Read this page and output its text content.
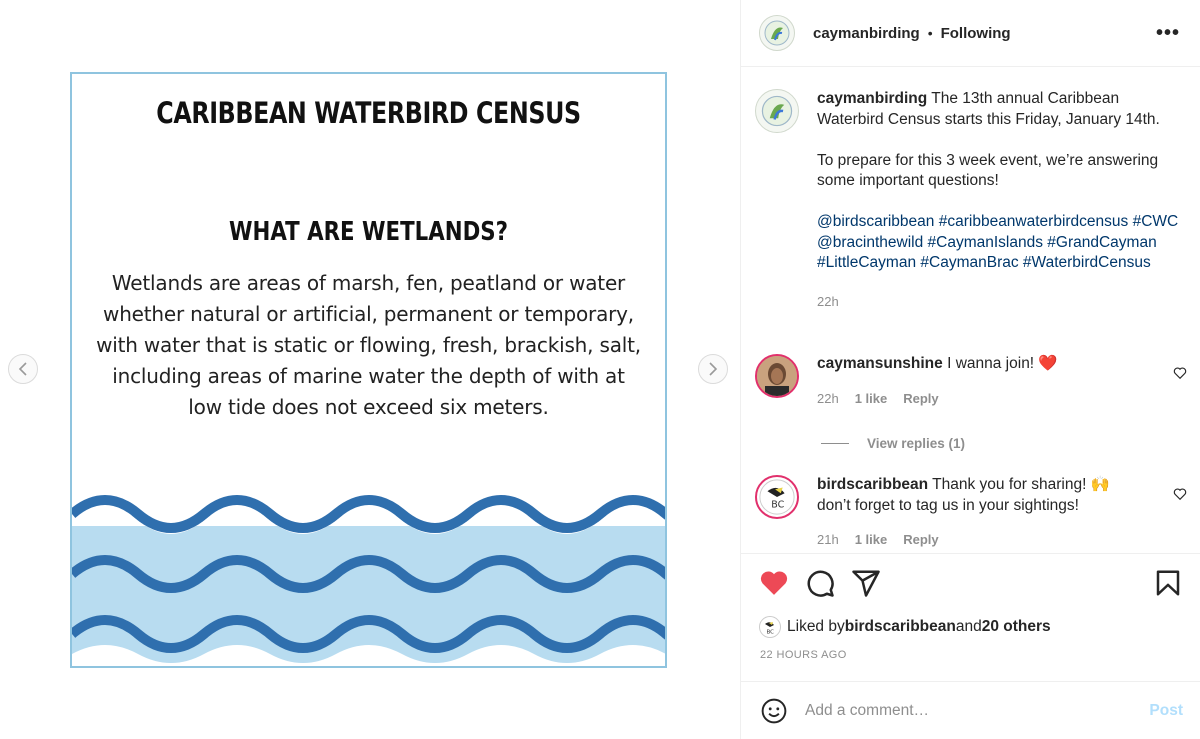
CARIBBEAN WATERBIRD CENSUS
WHAT ARE WETLANDS?
Wetlands are areas of marsh, fen, peatland or water whether natural or artificial, permanent or temporary, with water that is static or flowing, fresh, brackish, salt, including areas of marine water the depth of with at low tide does not exceed six meters.
caymanbirding • Following	•••
caymanbirding The 13th annual Caribbean Waterbird Census starts this Friday, January 14th.

To prepare for this 3 week event, we’re answering some important questions!

@birdscaribbean #caribbeanwaterbirdcensus #CWC @bracinthewild #CaymanIslands #GrandCayman #LittleCayman #CaymanBrac #WaterbirdCensus
22h
caymansunshine I wanna join! ❤️
22h 1 like Reply
View replies (1)
BC
birdscaribbean Thank you for sharing! 🙌 don’t forget to tag us in your sightings!
21h 1 like Reply
BC Liked by birdscaribbean and 20 others
22 HOURS AGO
Add a comment…
Post
